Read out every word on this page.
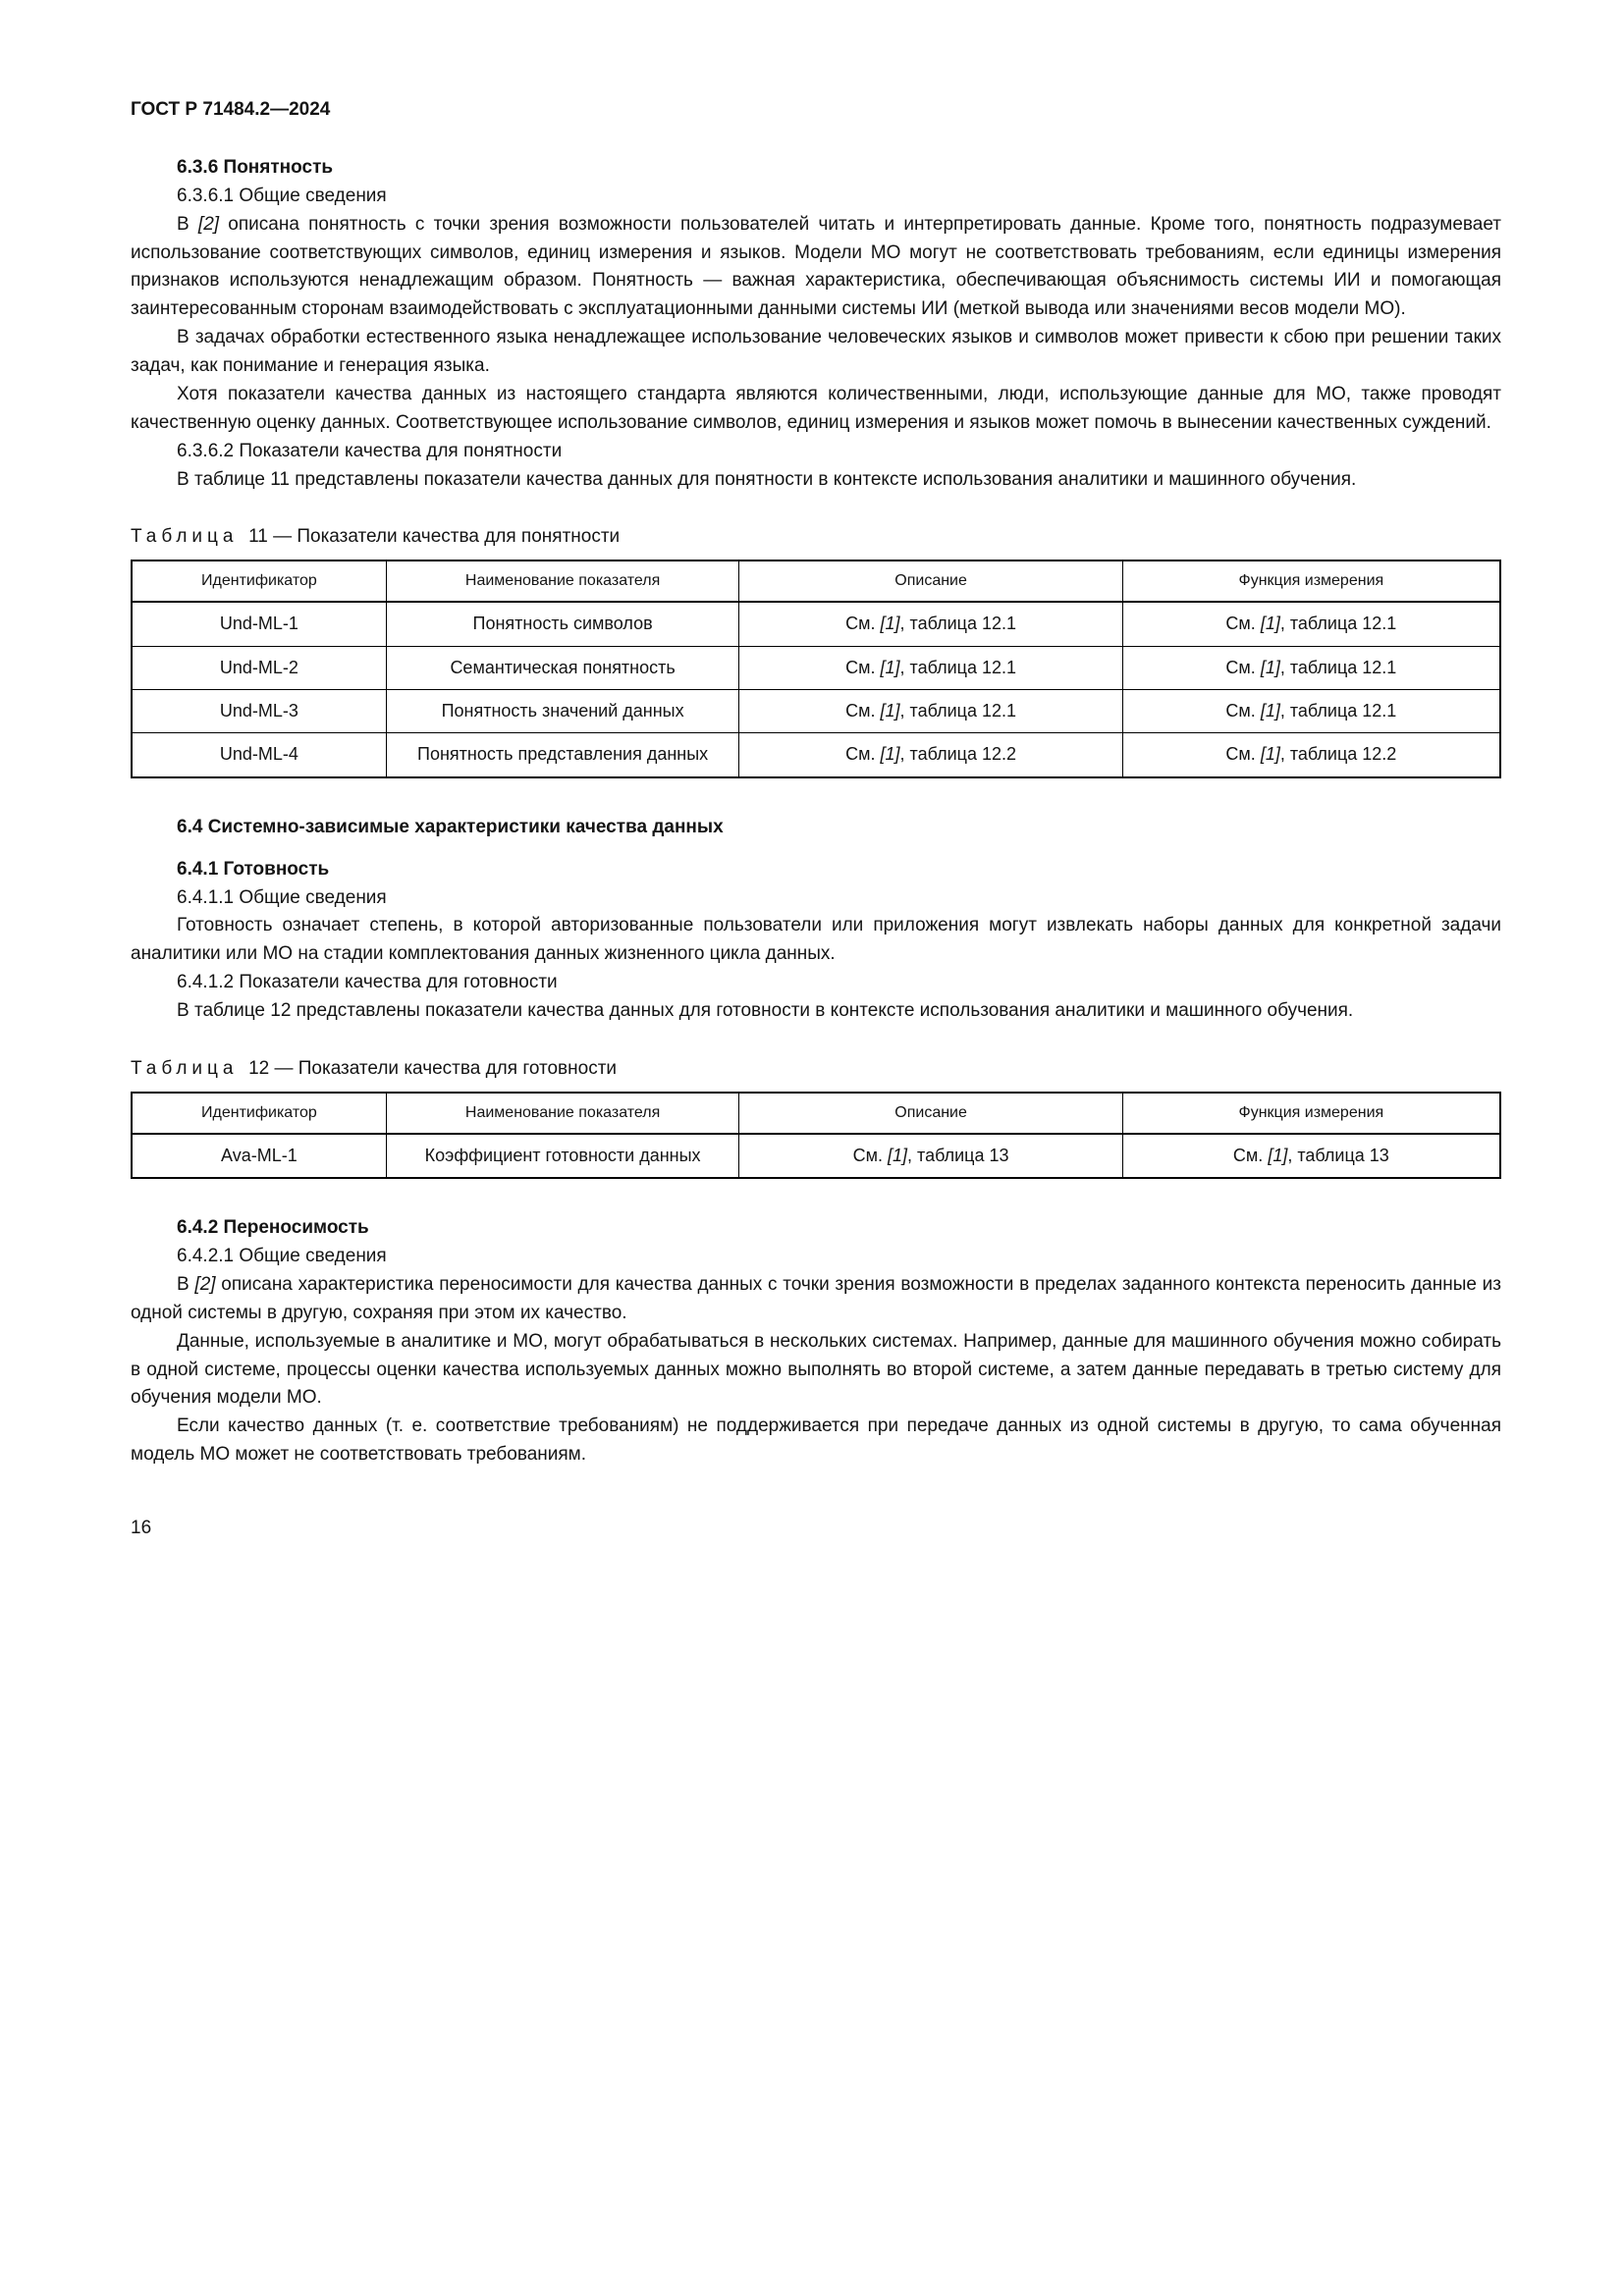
ГОСТ Р 71484.2—2024

6.3.6 Понятность

6.3.6.1 Общие сведения

В [2] описана понятность с точки зрения возможности пользователей читать и интерпретировать данные. Кроме того, понятность подразумевает использование соответствующих символов, единиц измерения и языков. Модели МО могут не соответствовать требованиям, если единицы измерения признаков используются ненадлежащим образом. Понятность — важная характеристика, обеспечивающая объяснимость системы ИИ и помогающая заинтересованным сторонам взаимодействовать с эксплуатационными данными системы ИИ (меткой вывода или значениями весов модели МО).

В задачах обработки естественного языка ненадлежащее использование человеческих языков и символов может привести к сбою при решении таких задач, как понимание и генерация языка.

Хотя показатели качества данных из настоящего стандарта являются количественными, люди, использующие данные для МО, также проводят качественную оценку данных. Соответствующее использование символов, единиц измерения и языков может помочь в вынесении качественных суждений.

6.3.6.2 Показатели качества для понятности

В таблице 11 представлены показатели качества данных для понятности в контексте использования аналитики и машинного обучения.

Таблица 11 — Показатели качества для понятности

Идентификатор	Наименование показателя	Описание	Функция измерения
Und-ML-1	Понятность символов	См. [1], таблица 12.1	См. [1], таблица 12.1
Und-ML-2	Семантическая понятность	См. [1], таблица 12.1	См. [1], таблица 12.1
Und-ML-3	Понятность значений данных	См. [1], таблица 12.1	См. [1], таблица 12.1
Und-ML-4	Понятность представления данных	См. [1], таблица 12.2	См. [1], таблица 12.2

6.4 Системно-зависимые характеристики качества данных

6.4.1 Готовность

6.4.1.1 Общие сведения

Готовность означает степень, в которой авторизованные пользователи или приложения могут извлекать наборы данных для конкретной задачи аналитики или МО на стадии комплектования данных жизненного цикла данных.

6.4.1.2 Показатели качества для готовности

В таблице 12 представлены показатели качества данных для готовности в контексте использования аналитики и машинного обучения.

Таблица 12 — Показатели качества для готовности

Идентификатор	Наименование показателя	Описание	Функция измерения
Ava-ML-1	Коэффициент готовности данных	См. [1], таблица 13	См. [1], таблица 13

6.4.2 Переносимость

6.4.2.1 Общие сведения

В [2] описана характеристика переносимости для качества данных с точки зрения возможности в пределах заданного контекста переносить данные из одной системы в другую, сохраняя при этом их качество.

Данные, используемые в аналитике и МО, могут обрабатываться в нескольких системах. Например, данные для машинного обучения можно собирать в одной системе, процессы оценки качества используемых данных можно выполнять во второй системе, а затем данные передавать в третью систему для обучения модели МО.

Если качество данных (т. е. соответствие требованиям) не поддерживается при передаче данных из одной системы в другую, то сама обученная модель МО может не соответствовать требованиям.

16
